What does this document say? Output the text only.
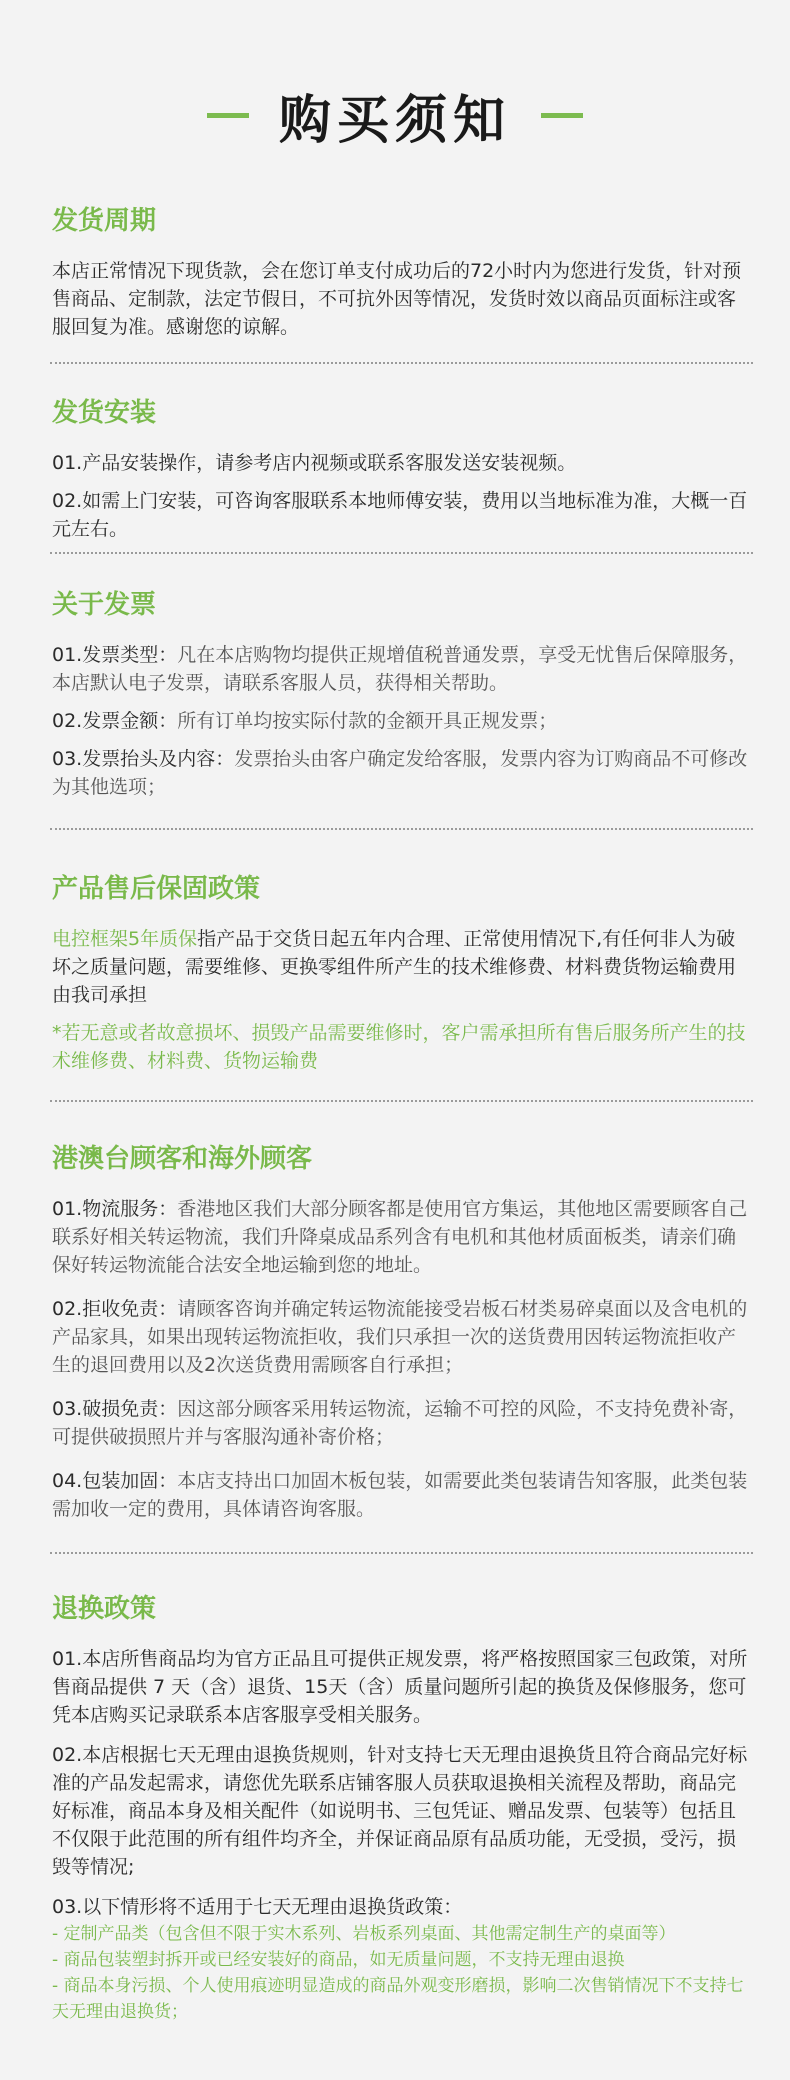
购买须知
发货周期
本店正常情况下现货款，会在您订单支付成功后的72小时内为您进行发货，针对预售商品、定制款，法定节假日，不可抗外因等情况，发货时效以商品页面标注或客服回复为准。感谢您的谅解。
发货安装
01.产品安装操作，请参考店内视频或联系客服发送安装视频。
02.如需上门安装，可咨询客服联系本地师傅安装，费用以当地标准为准，大概一百元左右。
关于发票
01.发票类型：凡在本店购物均提供正规增值税普通发票，享受无忧售后保障服务，本店默认电子发票，请联系客服人员，获得相关帮助。
02.发票金额：所有订单均按实际付款的金额开具正规发票；
03.发票抬头及内容：发票抬头由客户确定发给客服，发票内容为订购商品不可修改为其他选项；
产品售后保固政策
电控框架5年质保指产品于交货日起五年内合理、正常使用情况下,有任何非人为破坏之质量问题，需要维修、更换零组件所产生的技术维修费、材料费货物运输费用由我司承担
*若无意或者故意损坏、损毁产品需要维修时，客户需承担所有售后服务所产生的技术维修费、材料费、货物运输费
港澳台顾客和海外顾客
01.物流服务：香港地区我们大部分顾客都是使用官方集运，其他地区需要顾客自己联系好相关转运物流，我们升降桌成品系列含有电机和其他材质面板类，请亲们确保好转运物流能合法安全地运输到您的地址。
02.拒收免责：请顾客咨询并确定转运物流能接受岩板石材类易碎桌面以及含电机的产品家具，如果出现转运物流拒收，我们只承担一次的送货费用因转运物流拒收产生的退回费用以及2次送货费用需顾客自行承担；
03.破损免责：因这部分顾客采用转运物流，运输不可控的风险，不支持免费补寄，可提供破损照片并与客服沟通补寄价格；
04.包装加固：本店支持出口加固木板包装，如需要此类包装请告知客服，此类包装需加收一定的费用，具体请咨询客服。
退换政策
01.本店所售商品均为官方正品且可提供正规发票，将严格按照国家三包政策，对所售商品提供 7 天（含）退货、15天（含）质量问题所引起的换货及保修服务，您可凭本店购买记录联系本店客服享受相关服务。
02.本店根据七天无理由退换货规则，针对支持七天无理由退换货且符合商品完好标准的产品发起需求，请您优先联系店铺客服人员获取退换相关流程及帮助，商品完好标准，商品本身及相关配件（如说明书、三包凭证、赠品发票、包装等）包括且不仅限于此范围的所有组件均齐全，并保证商品原有品质功能，无受损，受污，损毁等情况;
03.以下情形将不适用于七天无理由退换货政策：
- 定制产品类（包含但不限于实木系列、岩板系列桌面、其他需定制生产的桌面等）
- 商品包装塑封拆开或已经安装好的商品，如无质量问题，不支持无理由退换
- 商品本身污损、个人使用痕迹明显造成的商品外观变形磨损，影响二次售销情况下不支持七天无理由退换货；
